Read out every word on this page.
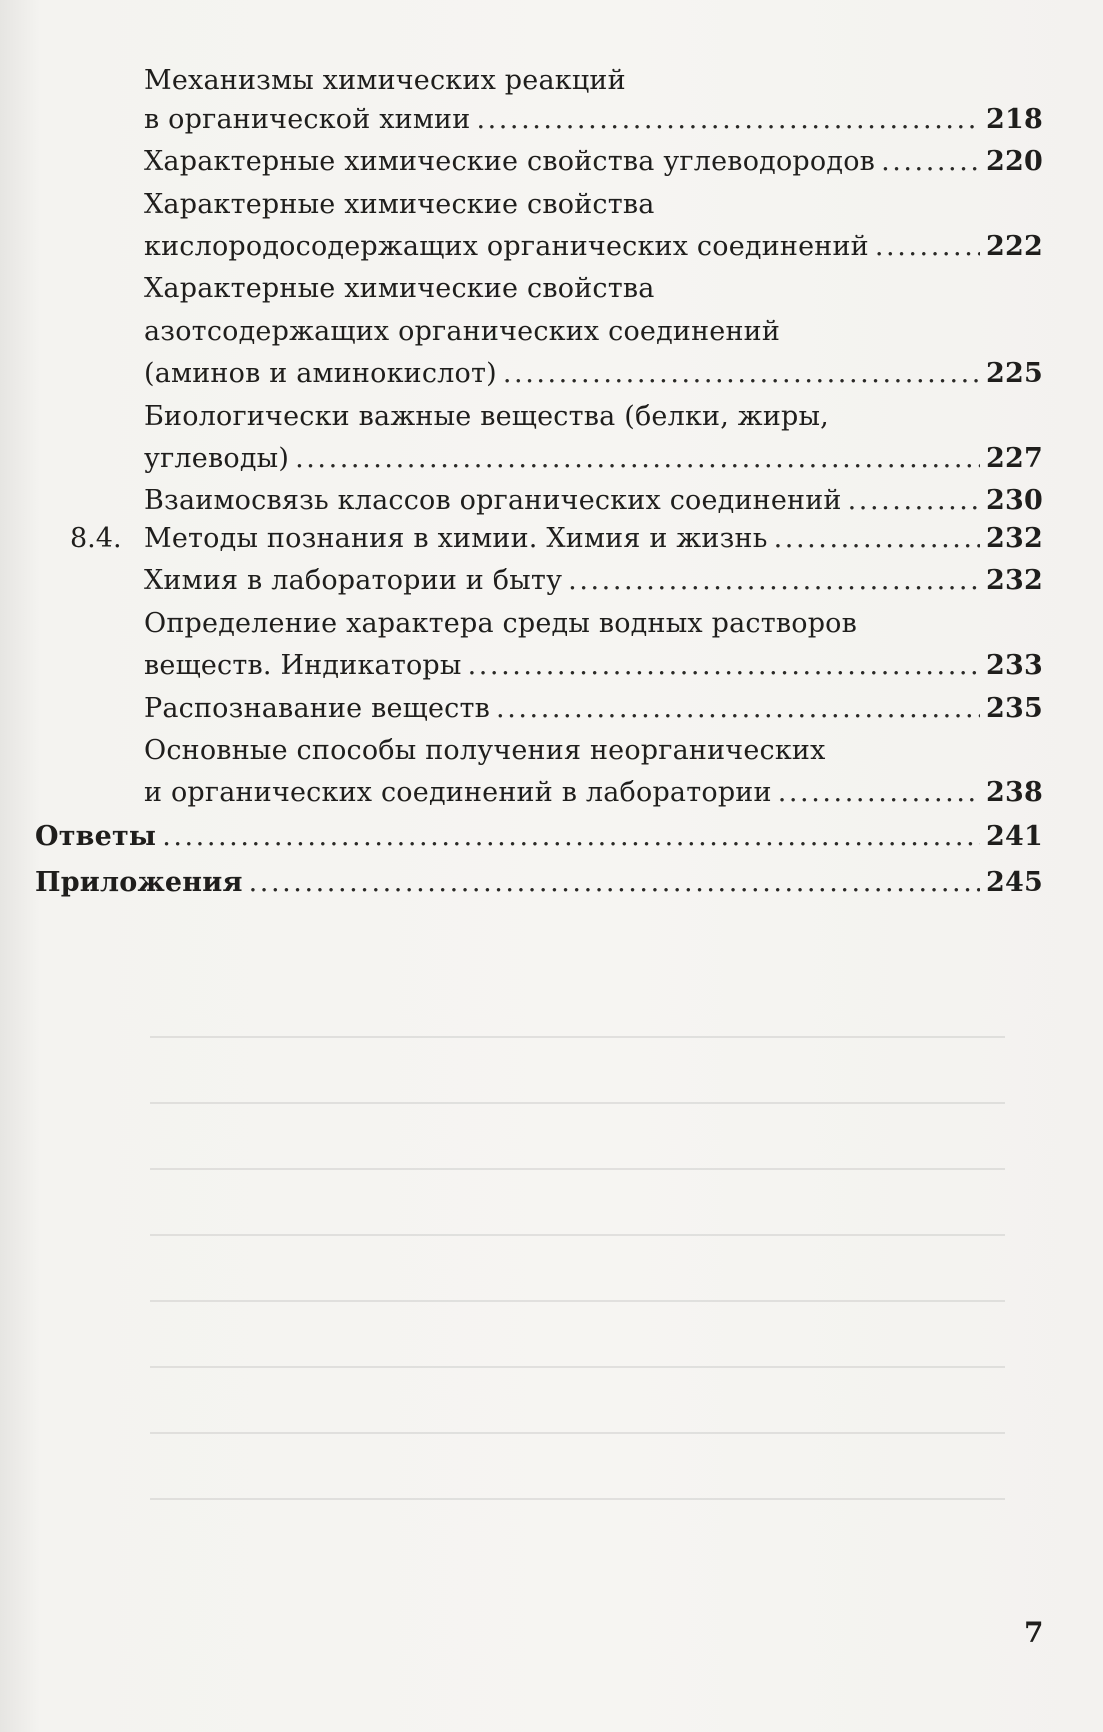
Механизмы химических реакций
в органической химии . . .	218
Характерные химические свойства углеводородов . . .	220
Характерные химические свойства
кислородосодержащих органических соединений . . .	222
Характерные химические свойства
азотсодержащих органических соединений
(аминов и аминокислот) . . .	225
Биологически важные вещества (белки, жиры,
углеводы) . . .	227
Взаимосвязь классов органических соединений . . .	230
8.4. Методы познания в химии. Химия и жизнь . . .	232
Химия в лаборатории и быту . . .	232
Определение характера среды водных растворов
веществ. Индикаторы . . .	233
Распознавание веществ . . .	235
Основные способы получения неорганических
и органических соединений в лаборатории . . .	238
Ответы . . .	241
Приложения . . .	245
7
